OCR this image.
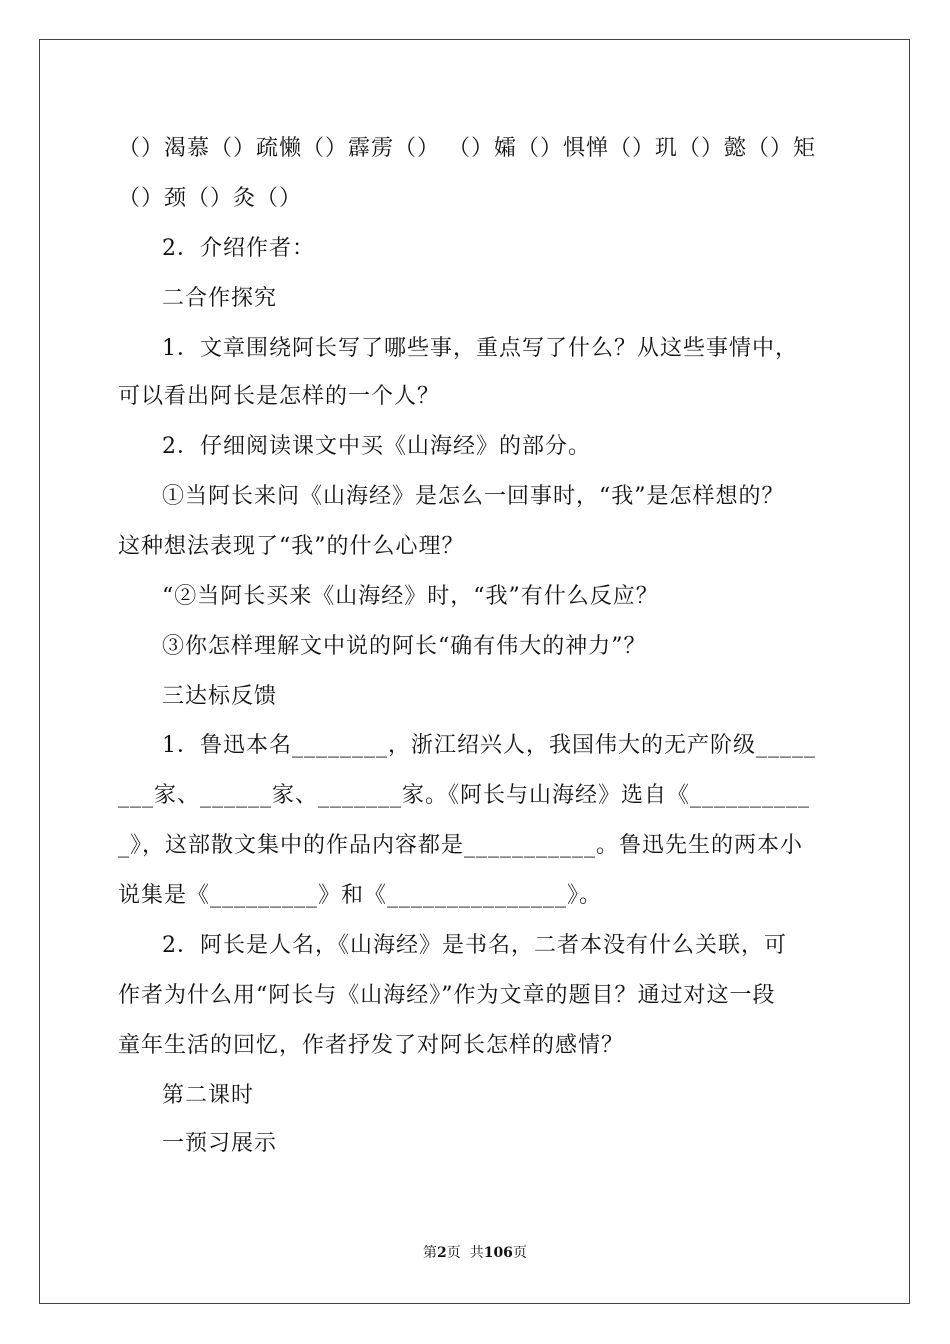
（）渴慕（）疏懒（）霹雳（） （）孀（）惧惮（）玑（）懿（）矩
（）颈（）灸（）
2．介绍作者：
二合作探究
1．文章围绕阿长写了哪些事，重点写了什么？从这些事情中，
可以看出阿长是怎样的一个人？
2．仔细阅读课文中买《山海经》的部分。
①当阿长来问《山海经》是怎么一回事时，“我”是怎样想的？
这种想法表现了“我”的什么心理？
“②当阿长买来《山海经》时，“我”有什么反应？
③你怎样理解文中说的阿长“确有伟大的神力”？
三达标反馈
1．鲁迅本名________，浙江绍兴人，我国伟大的无产阶级_____
___家、______家、_______家。《阿长与山海经》选自《__________
_》，这部散文集中的作品内容都是___________。鲁迅先生的两本小
说集是《_________》和《_______________》。
2．阿长是人名，《山海经》是书名，二者本没有什么关联，可
作者为什么用“阿长与《山海经》”作为文章的题目？通过对这一段
童年生活的回忆，作者抒发了对阿长怎样的感情？
第二课时
一预习展示
第2页  共106页
